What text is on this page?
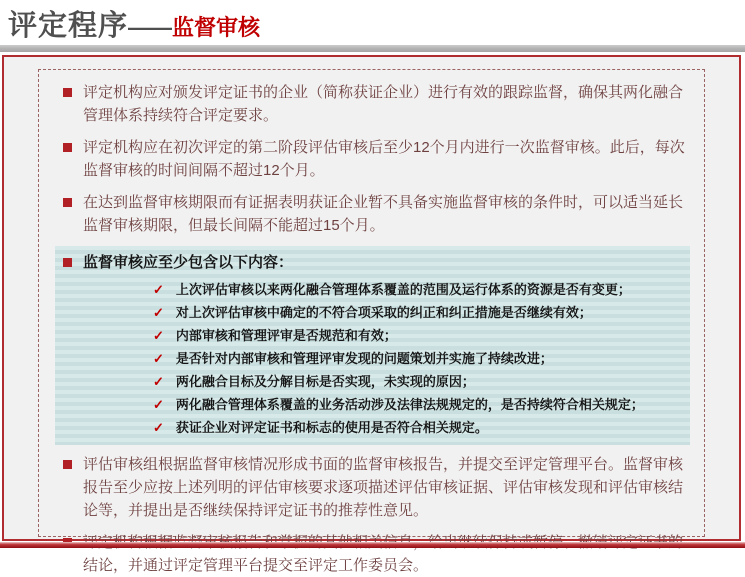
评定程序——监督审核
评定机构应对颁发评定证书的企业（简称获证企业）进行有效的跟踪监督，确保其两化融合管理体系持续符合评定要求。
评定机构应在初次评定的第二阶段评估审核后至少12个月内进行一次监督审核。此后，每次监督审核的时间间隔不超过12个月。
在达到监督审核期限而有证据表明获证企业暂不具备实施监督审核的条件时，可以适当延长监督审核期限，但最长间隔不能超过15个月。
监督审核应至少包含以下内容：
✓ 上次评估审核以来两化融合管理体系覆盖的范围及运行体系的资源是否有变更；
✓ 对上次评估审核中确定的不符合项采取的纠正和纠正措施是否继续有效；
✓ 内部审核和管理评审是否规范和有效；
✓ 是否针对内部审核和管理评审发现的问题策划并实施了持续改进；
✓ 两化融合目标及分解目标是否实现，未实现的原因；
✓ 两化融合管理体系覆盖的业务活动涉及法律法规规定的，是否持续符合相关规定；
✓ 获证企业对评定证书和标志的使用是否符合相关规定。
评估审核组根据监督审核情况形成书面的监督审核报告，并提交至评定管理平台。监督审核报告至少应按上述列明的评估审核要求逐项描述评估审核证据、评估审核发现和评估审核结论等，并提出是否继续保持评定证书的推荐性意见。
结论，并通过评定管理平台提交至评定工作委员会。
